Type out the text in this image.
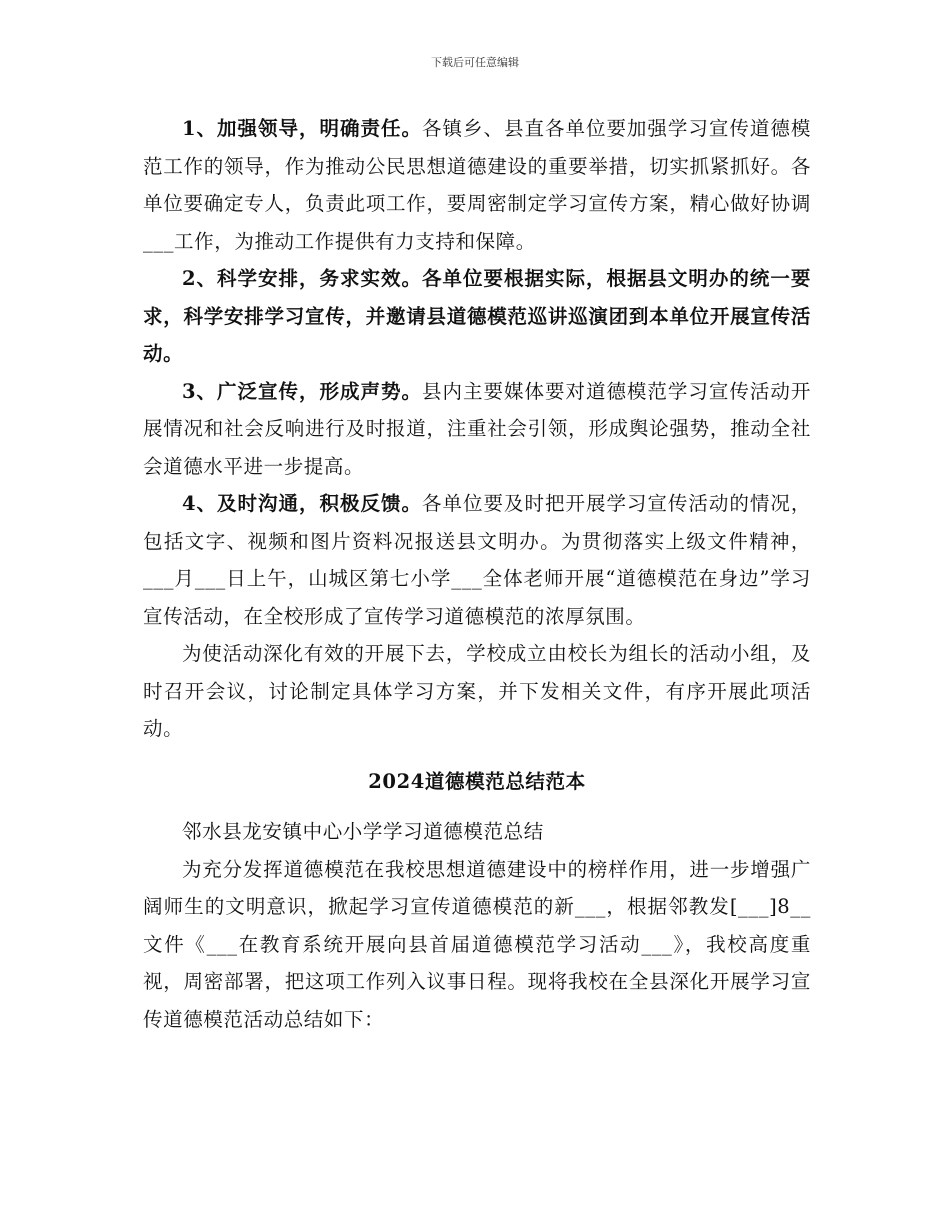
下载后可任意编辑

1、加强领导，明确责任。各镇乡、县直各单位要加强学习宣传道德模范工作的领导，作为推动公民思想道德建设的重要举措，切实抓紧抓好。各单位要确定专人，负责此项工作，要周密制定学习宣传方案，精心做好协调___工作，为推动工作提供有力支持和保障。

2、科学安排，务求实效。各单位要根据实际，根据县文明办的统一要求，科学安排学习宣传，并邀请县道德模范巡讲巡演团到本单位开展宣传活动。

3、广泛宣传，形成声势。县内主要媒体要对道德模范学习宣传活动开展情况和社会反响进行及时报道，注重社会引领，形成舆论强势，推动全社会道德水平进一步提高。

4、及时沟通，积极反馈。各单位要及时把开展学习宣传活动的情况，包括文字、视频和图片资料况报送县文明办。为贯彻落实上级文件精神，___月___日上午，山城区第七小学___全体老师开展“道德模范在身边”学习宣传活动，在全校形成了宣传学习道德模范的浓厚氛围。

为使活动深化有效的开展下去，学校成立由校长为组长的活动小组，及时召开会议，讨论制定具体学习方案，并下发相关文件，有序开展此项活动。

2024道德模范总结范本

邻水县龙安镇中心小学学习道德模范总结

为充分发挥道德模范在我校思想道德建设中的榜样作用，进一步增强广阔师生的文明意识，掀起学习宣传道德模范的新___，根据邻教发[___]8__文件《___在教育系统开展向县首届道德模范学习活动___》，我校高度重视，周密部署，把这项工作列入议事日程。现将我校在全县深化开展学习宣传道德模范活动总结如下：
